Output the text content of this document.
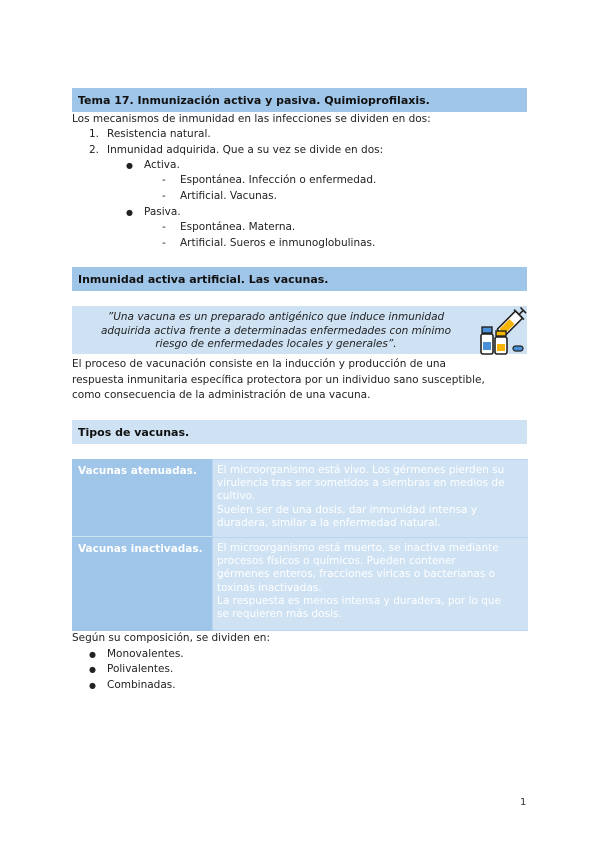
Tema 17. Inmunización activa y pasiva. Quimioprofilaxis.
Los mecanismos de inmunidad en las infecciones se dividen en dos:
1. Resistencia natural.
2. Inmunidad adquirida. Que a su vez se divide en dos:
● Activa.
- Espontánea. Infección o enfermedad.
- Artificial. Vacunas.
● Pasiva.
- Espontánea. Materna.
- Artificial. Sueros e inmunoglobulinas.
Inmunidad activa artificial. Las vacunas.
”Una vacuna es un preparado antigénico que induce inmunidad
adquirida activa frente a determinadas enfermedades con mínimo
riesgo de enfermedades locales y generales”.
El proceso de vacunación consiste en la inducción y producción de una
respuesta inmunitaria específica protectora por un individuo sano susceptible,
como consecuencia de la administración de una vacuna.
Tipos de vacunas.
Vacunas atenuadas.	El microorganismo está vivo. Los gérmenes pierden su

virulencia tras ser sometidos a siembras en medios de

cultivo.

Suelen ser de una dosis, dar inmunidad intensa y

duradera, similar a la enfermedad natural.

Vacunas inactivadas.	El microorganismo está muerto, se inactiva mediante

procesos físicos o químicos. Pueden contener

gérmenes enteros, fracciones víricas o bacterianas o

toxinas inactivadas.

La respuesta es menos intensa y duradera, por lo que

se requieren más dosis.

Según su composición, se dividen en:
● Monovalentes.
● Polivalentes.
● Combinadas.
1
